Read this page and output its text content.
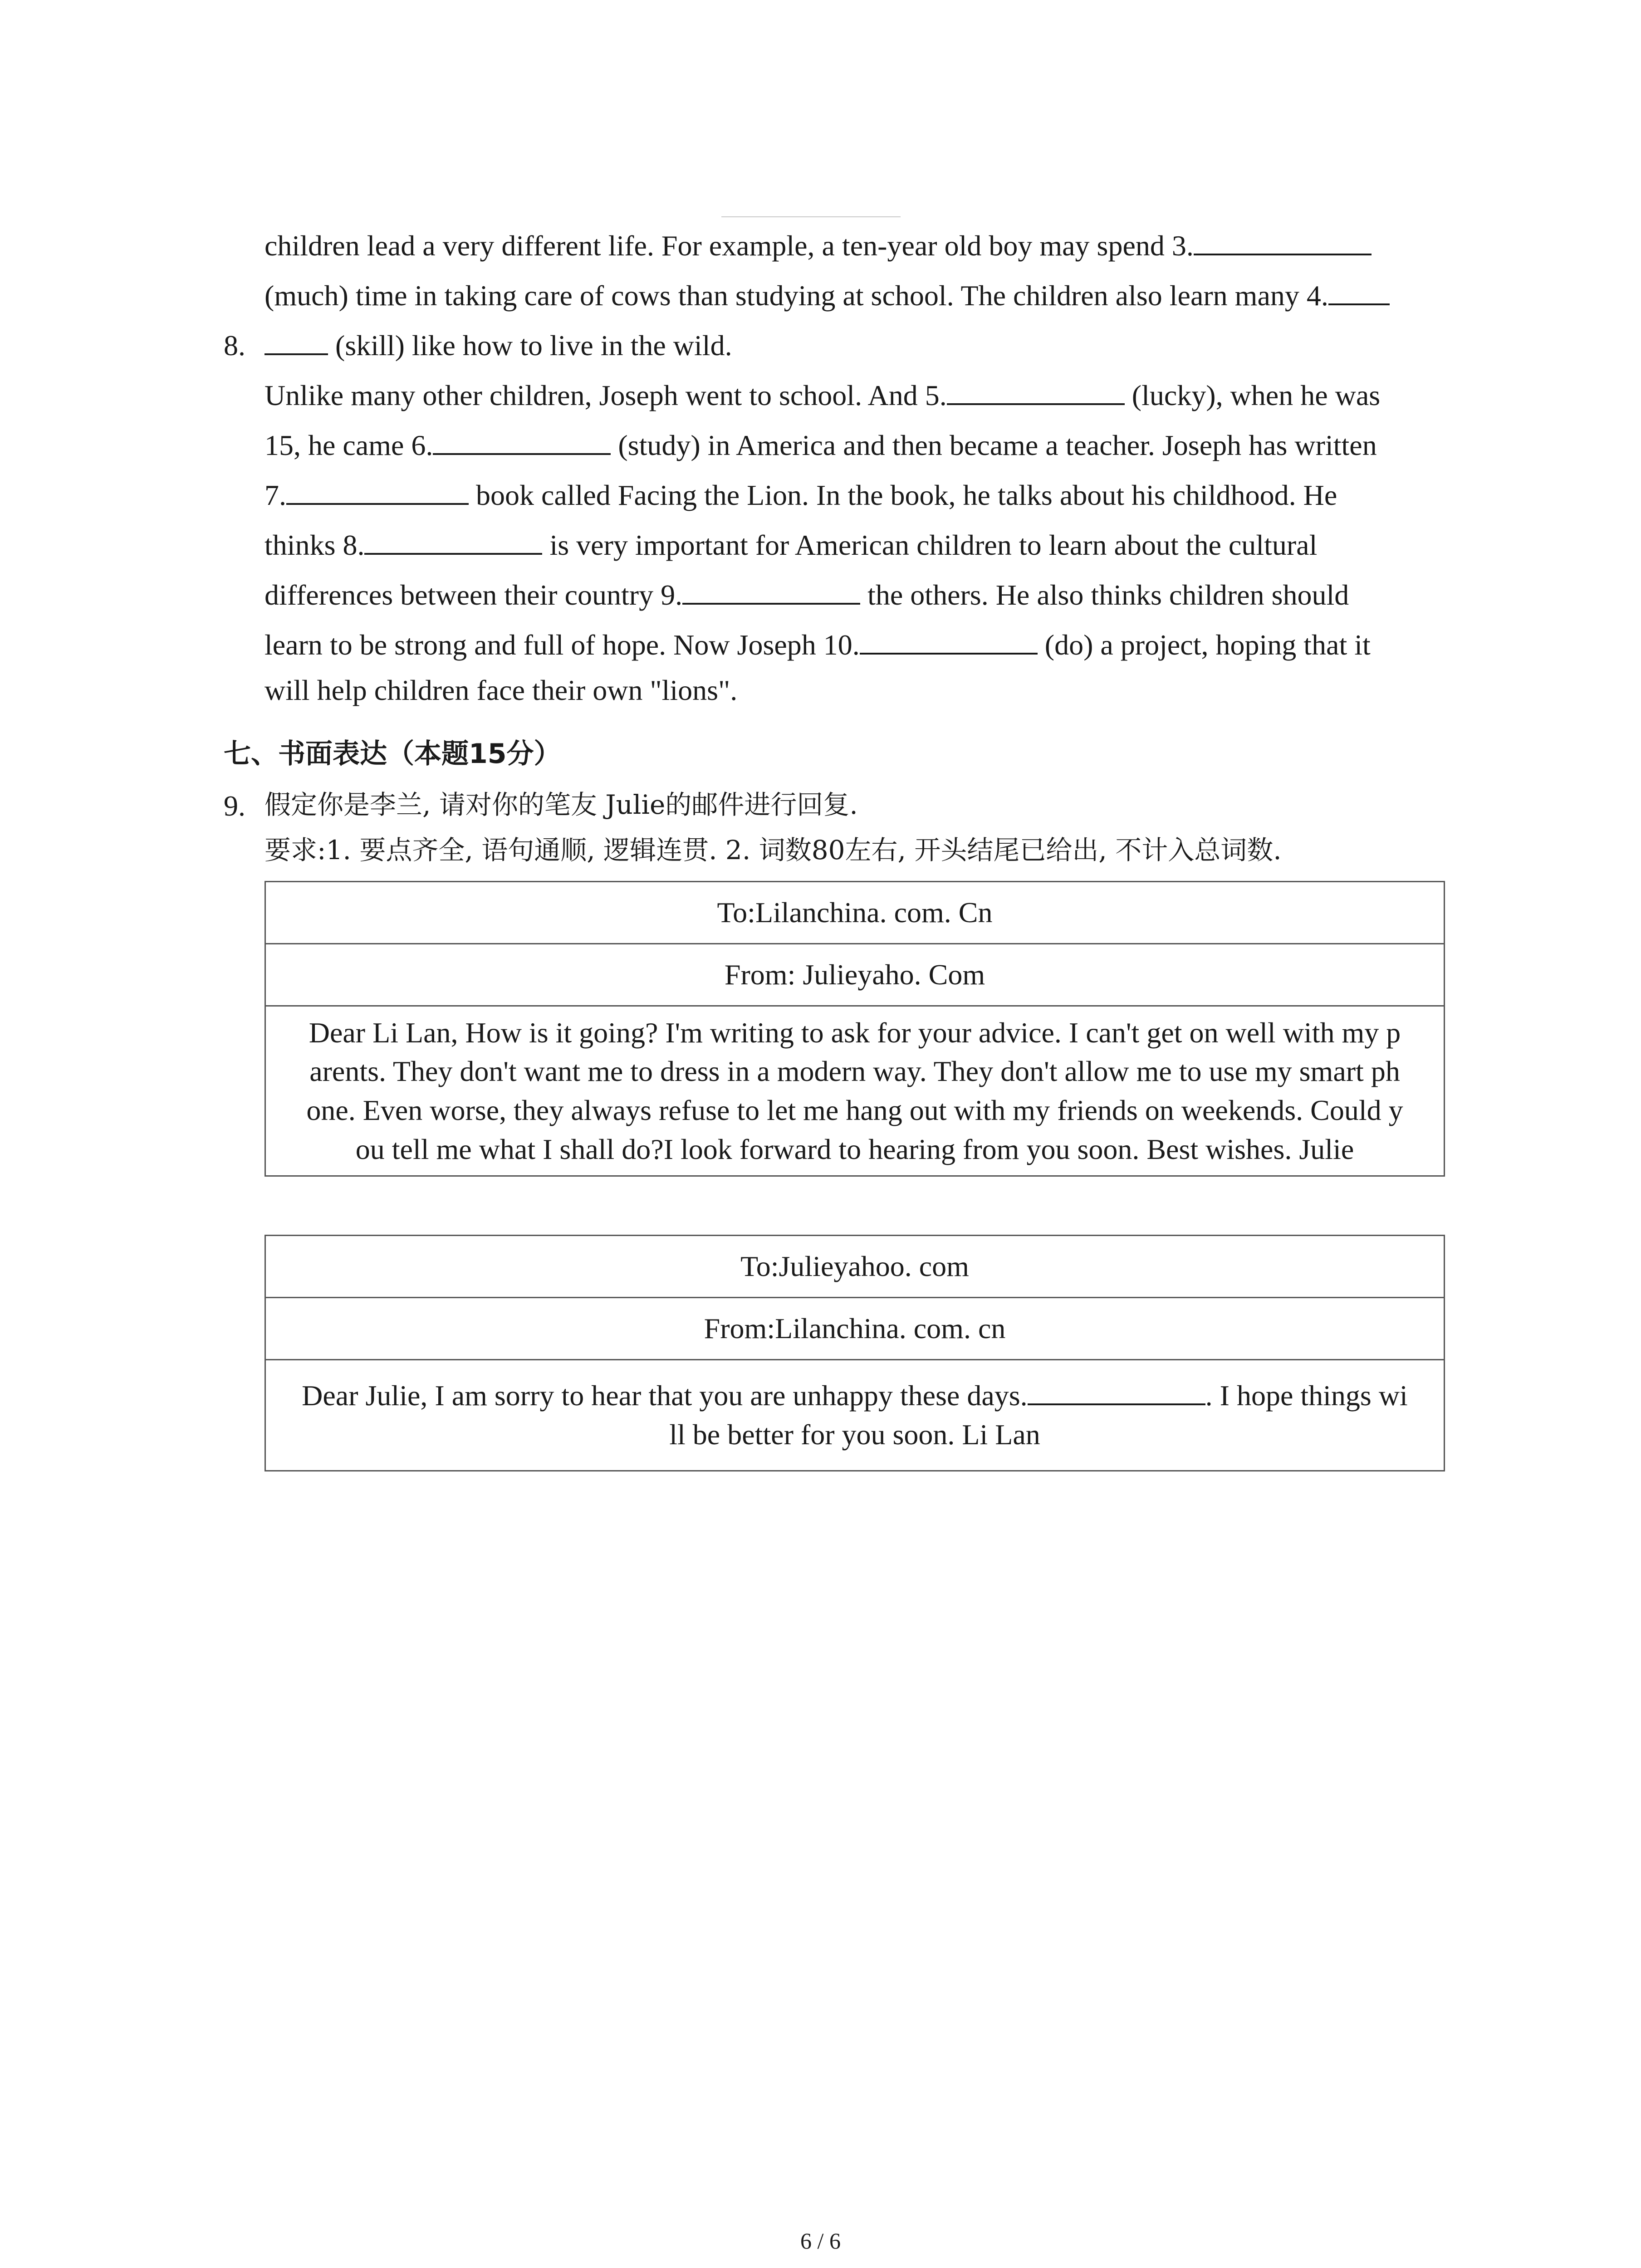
children lead a very different life. For example, a ten-year old boy may spend 3.
(much) time in taking care of cows than studying at school. The children also learn many 4.
8.	(skill) like how to live in the wild.
Unlike many other children, Joseph went to school. And 5.	(lucky), when he was
15, he came 6.	(study) in America and then became a teacher. Joseph has written
7.	book called Facing the Lion. In the book, he talks about his childhood. He
thinks 8.	is very important for American children to learn about the cultural
differences between their country 9.	the others. He also thinks children should
learn to be strong and full of hope. Now Joseph 10.	(do) a project, hoping that it
will help children face their own "lions".
七、书面表达（本题15分）
9. 假定你是李兰, 请对你的笔友 Julie的邮件进行回复.
要求:1. 要点齐全, 语句通顺, 逻辑连贯. 2. 词数80左右, 开头结尾已给出, 不计入总词数.
To:Lilanchina. com. Cn
From: Julieyaho. Com

Dear Li Lan, How is it going? I'm writing to ask for your advice. I can't get on well with my p
arents. They don't want me to dress in a modern way. They don't allow me to use my smart ph
one. Even worse, they always refuse to let me hang out with my friends on weekends. Could y
ou tell me what I shall do?I look forward to hearing from you soon. Best wishes. Julie
To:Julieyahoo. com
From:Lilanchina. com. cn

Dear Julie, I am sorry to hear that you are unhappy these days.	. I hope things wi
ll be better for you soon. Li Lan
6 / 6
